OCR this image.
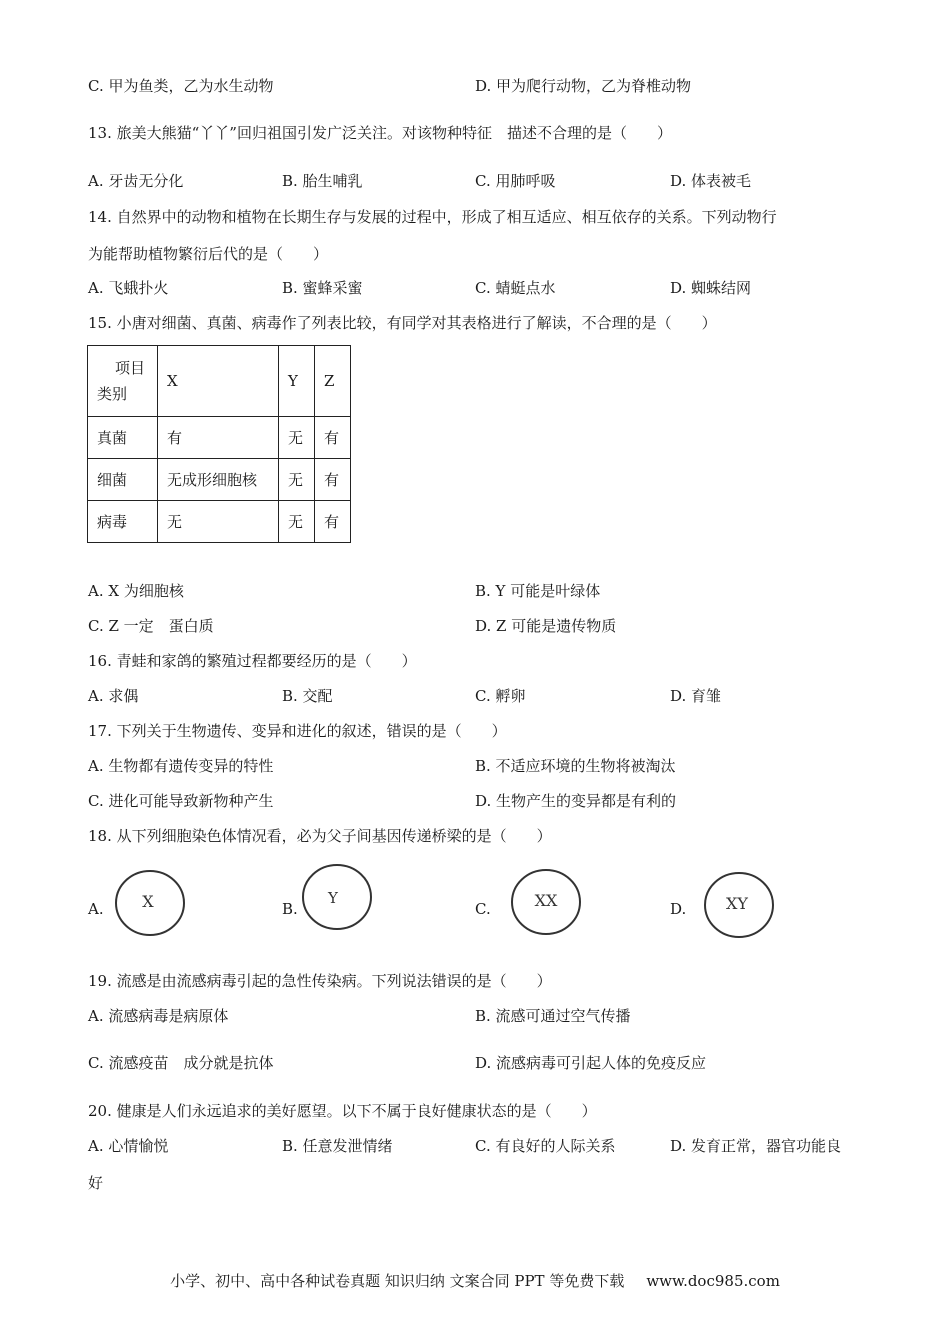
C. 甲为鱼类，乙为水生动物	D. 甲为爬行动物，乙为脊椎动物
13. 旅美大熊猫“丫丫”回归祖国引发广泛关注。对该物种特征　描述不合理的是（　　）
A. 牙齿无分化	B. 胎生哺乳	C. 用肺呼吸	D. 体表被毛
14. 自然界中的动物和植物在长期生存与发展的过程中，形成了相互适应、相互依存的关系。下列动物行
为能帮助植物繁衍后代的是（　　）
A. 飞蛾扑火	B. 蜜蜂采蜜	C. 蜻蜓点水	D. 蜘蛛结网
15. 小唐对细菌、真菌、病毒作了列表比较，有同学对其表格进行了解读，不合理的是（　　）
项目
类别	X	Y	Z
真菌	有	无	有
细菌	无成形细胞核	无	有
病毒	无	无	有
A. X 为细胞核	B. Y 可能是叶绿体
C. Z 一定　蛋白质	D. Z 可能是遗传物质
16. 青蛙和家鸽的繁殖过程都要经历的是（　　）
A. 求偶	B. 交配	C. 孵卵	D. 育雏
17. 下列关于生物遗传、变异和进化的叙述，错误的是（　　）
A. 生物都有遗传变异的特性	B. 不适应环境的生物将被淘汰
C. 进化可能导致新物种产生	D. 生物产生的变异都是有利的
18. 从下列细胞染色体情况看，必为父子间基因传递桥梁的是（　　）
A. X	B.
Y
C.	XX	D. XY
19. 流感是由流感病毒引起的急性传染病。下列说法错误的是（　　）
A. 流感病毒是病原体	B. 流感可通过空气传播
C. 流感疫苗　成分就是抗体	D. 流感病毒可引起人体的免疫反应
20. 健康是人们永远追求的美好愿望。以下不属于良好健康状态的是（　　）
A. 心情愉悦	B. 任意发泄情绪	C. 有良好的人际关系	D. 发育正常，器官功能良
好
小学、初中、高中各种试卷真题 知识归纳 文案合同 PPT 等免费下载 www.doc985.com
